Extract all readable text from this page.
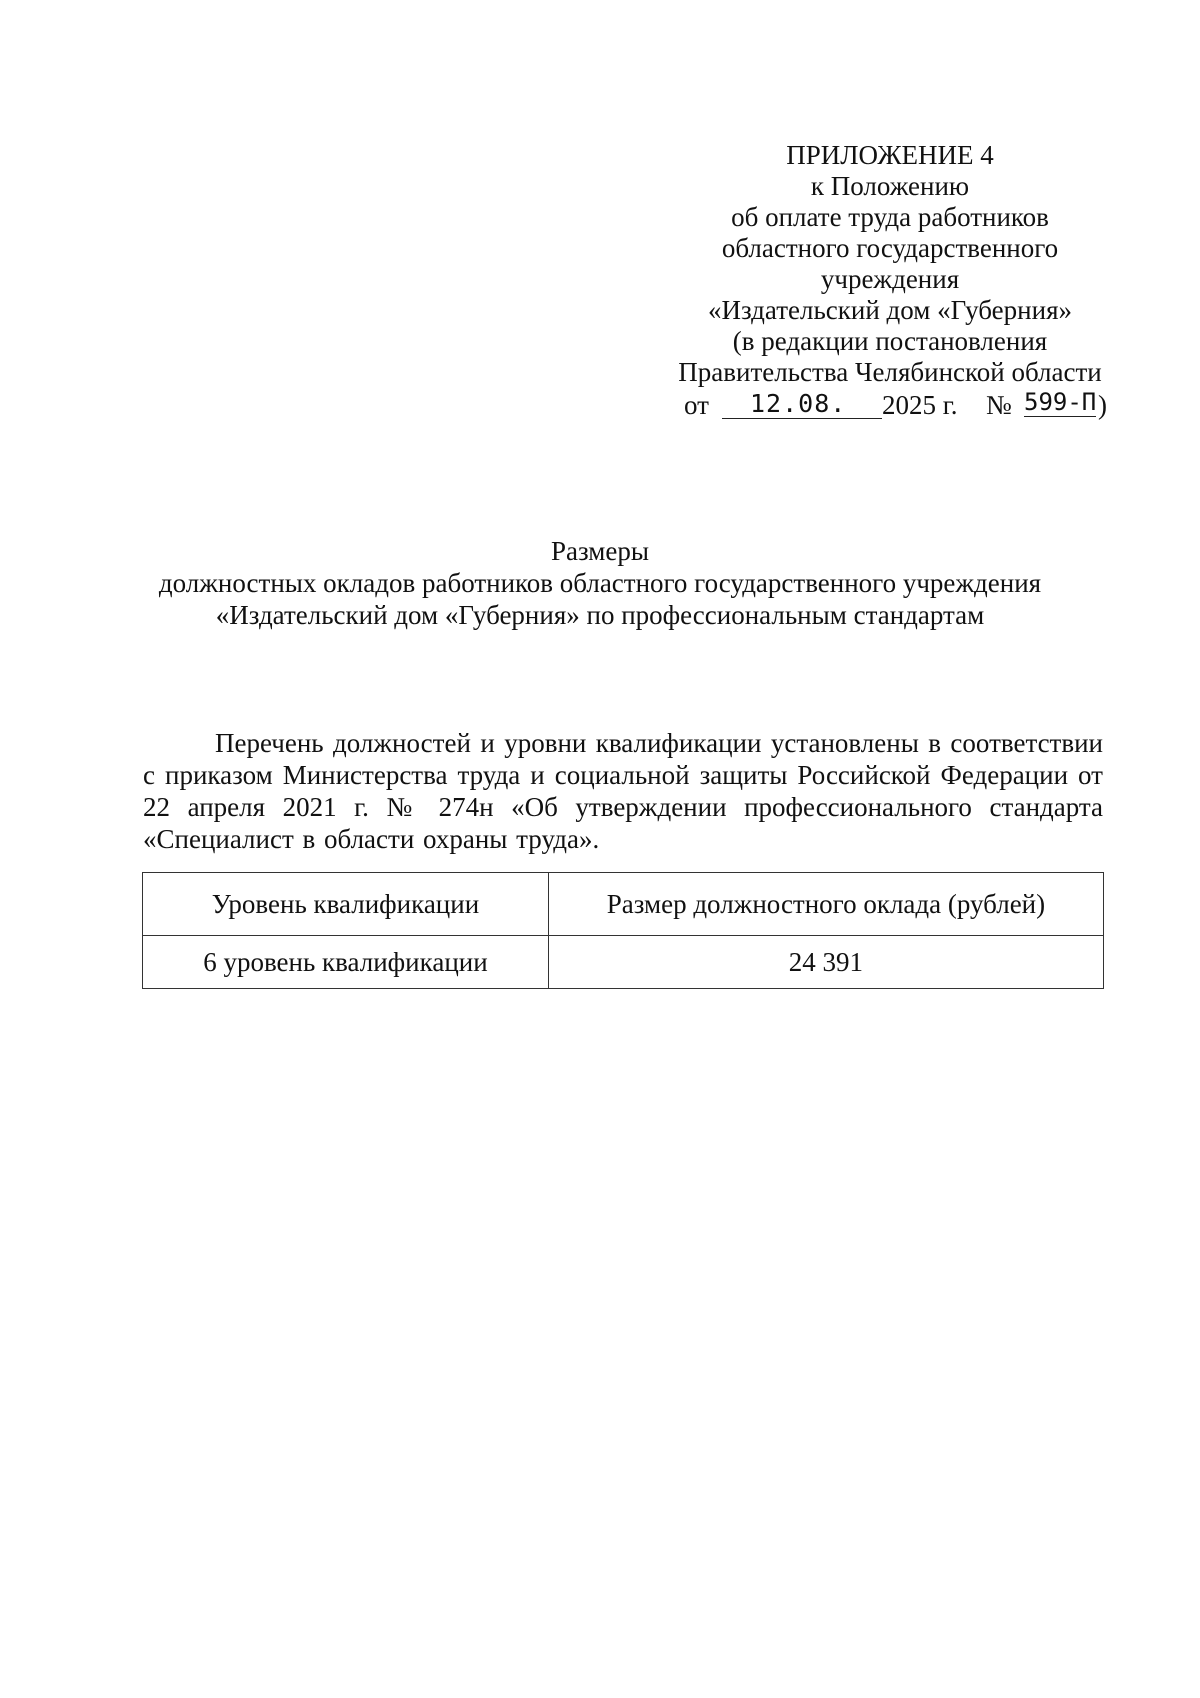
ПРИЛОЖЕНИЕ 4
к Положению
об оплате труда работников
областного государственного
учреждения
«Издательский дом «Губерния»
(в редакции постановления
Правительства Челябинской области
от 12.08. 2025 г. № 599-П )
Размеры
должностных окладов работников областного государственного учреждения
«Издательский дом «Губерния» по профессиональным стандартам

Перечень должностей и уровни квалификации установлены в соответствии с приказом Министерства труда и социальной защиты Российской Федерации от 22 апреля 2021 г. № 274н «Об утверждении профессионального стандарта «Специалист в области охраны труда».

Уровень квалификации	Размер должностного оклада (рублей)
6 уровень квалификации	24 391
